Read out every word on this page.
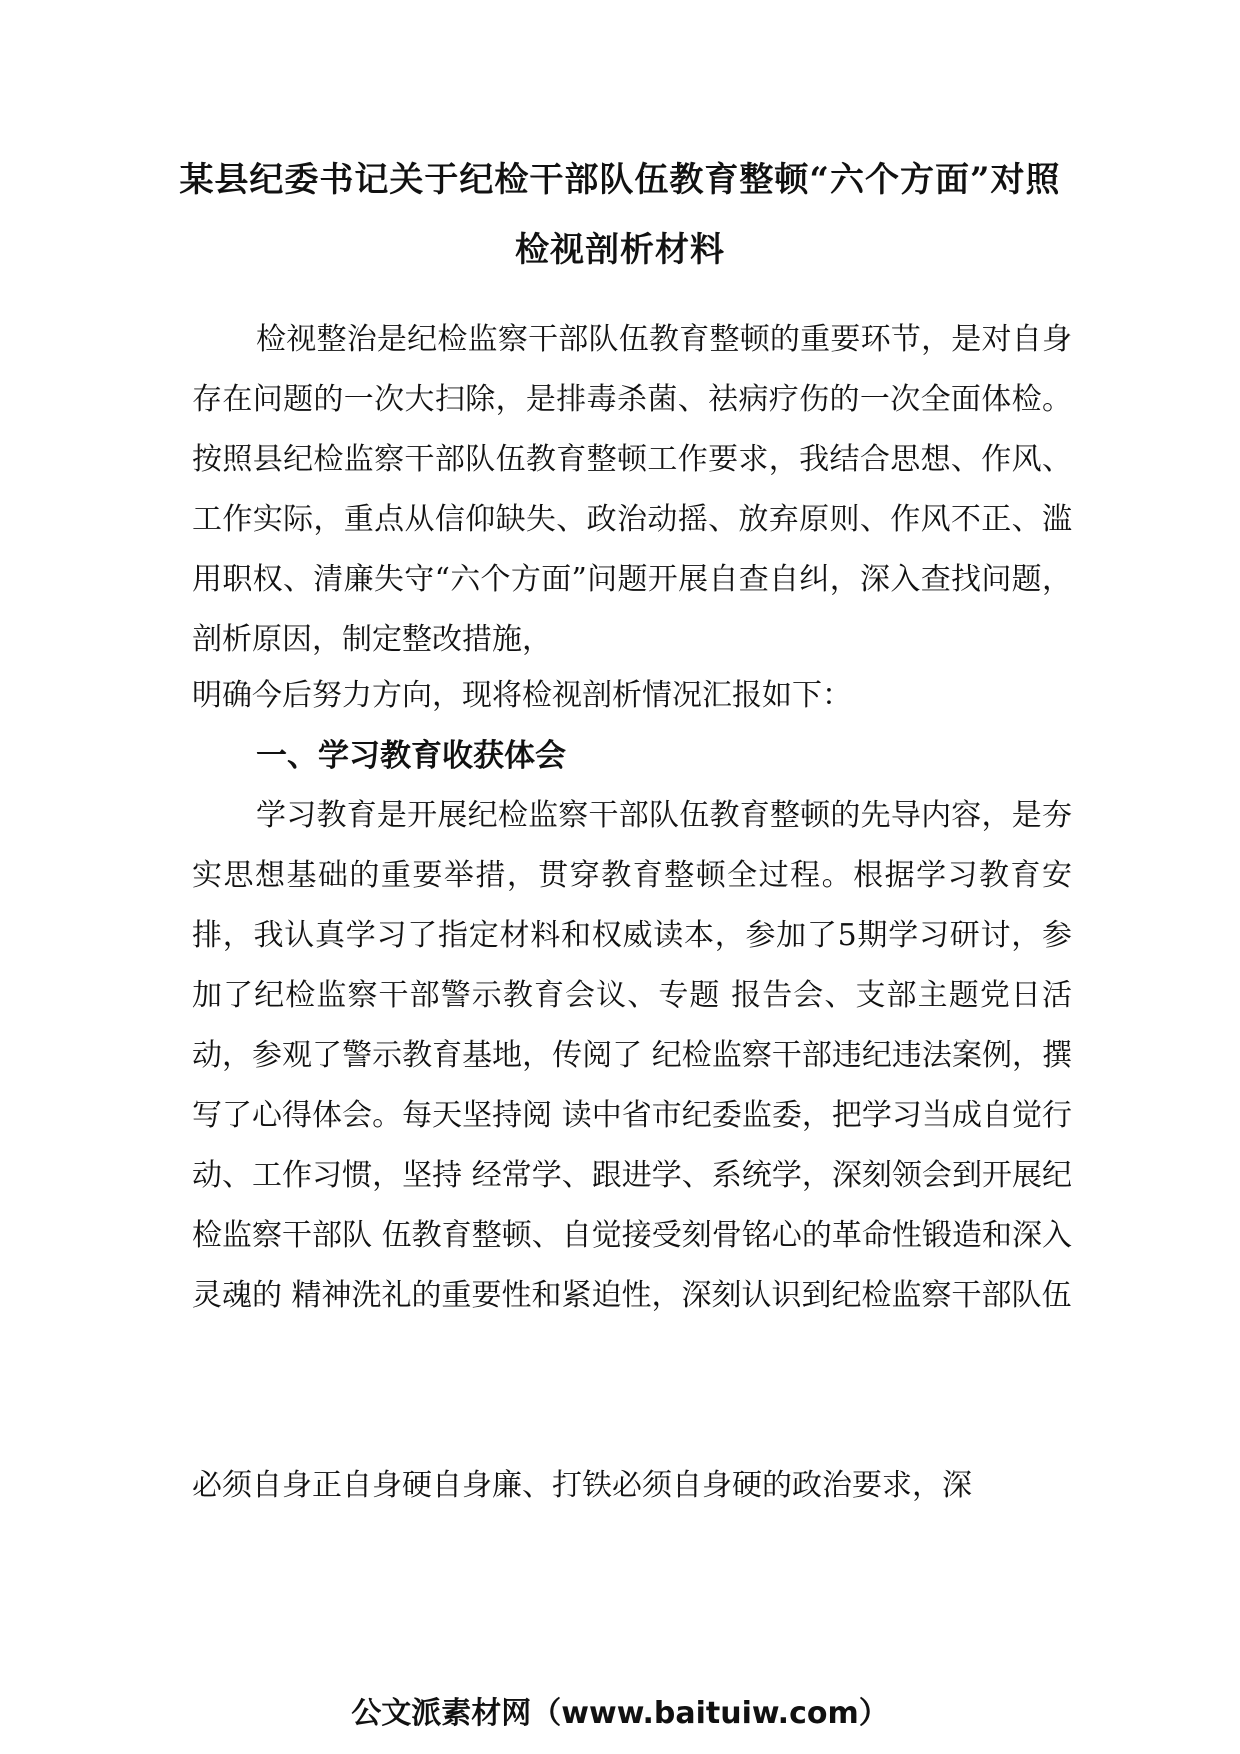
某县纪委书记关于纪检干部队伍教育整顿“六个方面”对照
检视剖析材料

检视整治是纪检监察干部队伍教育整顿的重要环节，是对自身存在问题的一次大扫除，是排毒杀菌、祛病疗伤的一次全面体检。按照县纪检监察干部队伍教育整顿工作要求，我结合思想、作风、工作实际，重点从信仰缺失、政治动摇、放弃原则、作风不正、滥用职权、清廉失守“六个方面”问题开展自查自纠，深入查找问题，剖析原因，制定整改措施，

明确今后努力方向，现将检视剖析情况汇报如下：

一、学习教育收获体会

学习教育是开展纪检监察干部队伍教育整顿的先导内容，是夯实思想基础的重要举措，贯穿教育整顿全过程。根据学习教育安排，我认真学习了指定材料和权威读本，参加了5期学习研讨，参加了纪检监察干部警示教育会议、专题 报告会、支部主题党日活动，参观了警示教育基地，传阅了 纪检监察干部违纪违法案例，撰写了心得体会。每天坚持阅 读中省市纪委监委，把学习当成自觉行动、工作习惯，坚持 经常学、跟进学、系统学，深刻领会到开展纪检监察干部队 伍教育整顿、自觉接受刻骨铭心的革命性锻造和深入灵魂的 精神洗礼的重要性和紧迫性，深刻认识到纪检监察干部队伍

必须自身正自身硬自身廉、打铁必须自身硬的政治要求，深

公文派素材网（www.baituiw.com）
